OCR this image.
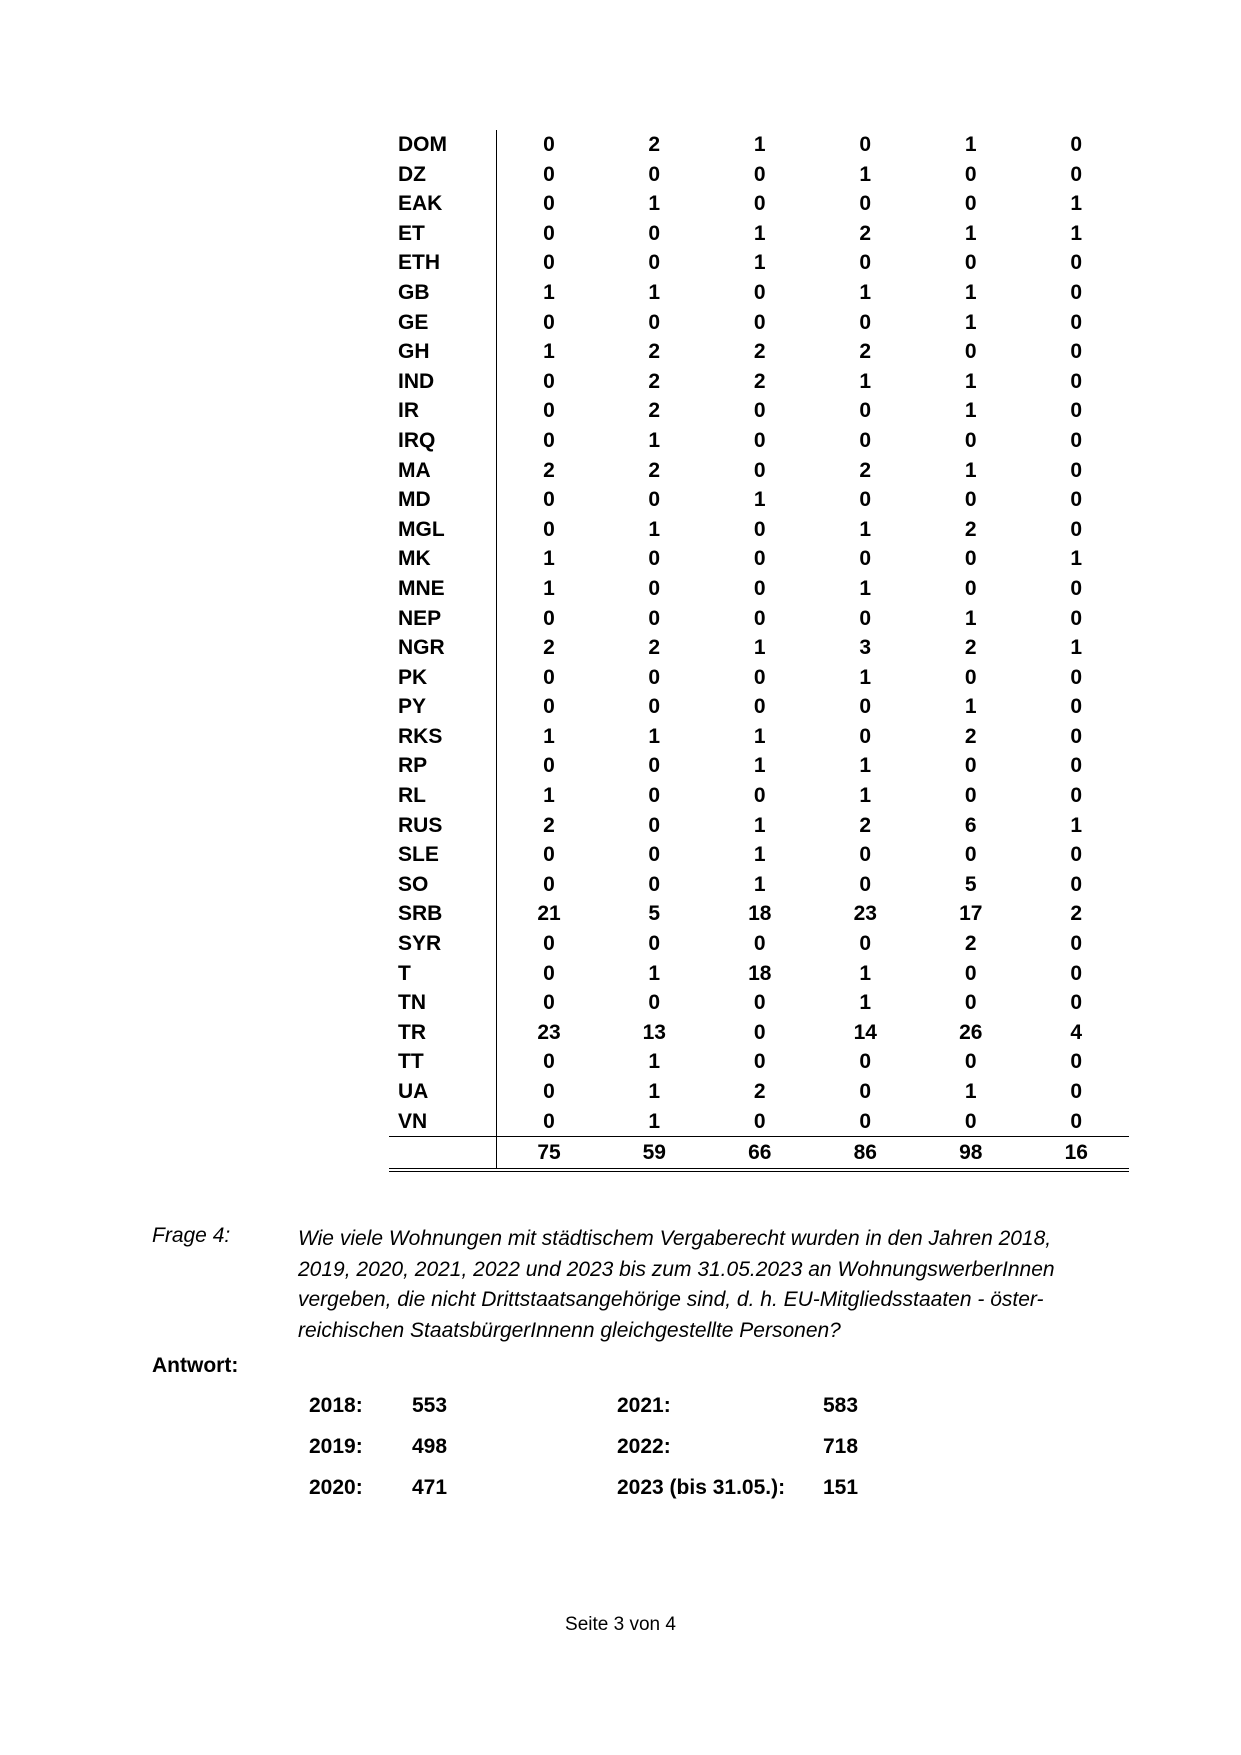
DOM	0	2	1	0	1	0
DZ	0	0	0	1	0	0
EAK	0	1	0	0	0	1
ET	0	0	1	2	1	1
ETH	0	0	1	0	0	0
GB	1	1	0	1	1	0
GE	0	0	0	0	1	0
GH	1	2	2	2	0	0
IND	0	2	2	1	1	0
IR	0	2	0	0	1	0
IRQ	0	1	0	0	0	0
MA	2	2	0	2	1	0
MD	0	0	1	0	0	0
MGL	0	1	0	1	2	0
MK	1	0	0	0	0	1
MNE	1	0	0	1	0	0
NEP	0	0	0	0	1	0
NGR	2	2	1	3	2	1
PK	0	0	0	1	0	0
PY	0	0	0	0	1	0
RKS	1	1	1	0	2	0
RP	0	0	1	1	0	0
RL	1	0	0	1	0	0
RUS	2	0	1	2	6	1
SLE	0	0	1	0	0	0
SO	0	0	1	0	5	0
SRB	21	5	18	23	17	2
SYR	0	0	0	0	2	0
T	0	1	18	1	0	0
TN	0	0	0	1	0	0
TR	23	13	0	14	26	4
TT	0	1	0	0	0	0
UA	0	1	2	0	1	0
VN	0	1	0	0	0	0
	75	59	66	86	98	16
Frage 4:	Wie viele Wohnungen mit städtischem Vergaberecht wurden in den Jahren 2018,
2019, 2020, 2021, 2022 und 2023 bis zum 31.05.2023 an WohnungswerberInnen
vergeben, die nicht Drittstaatsangehörige sind, d. h. EU-Mitgliedsstaaten - öster-
reichischen StaatsbürgerInnenn gleichgestellte Personen?
Antwort:
2018: 553	2021:	583
2019: 498	2022:	718
2020: 471	2023 (bis 31.05.): 151
Seite 3 von 4
